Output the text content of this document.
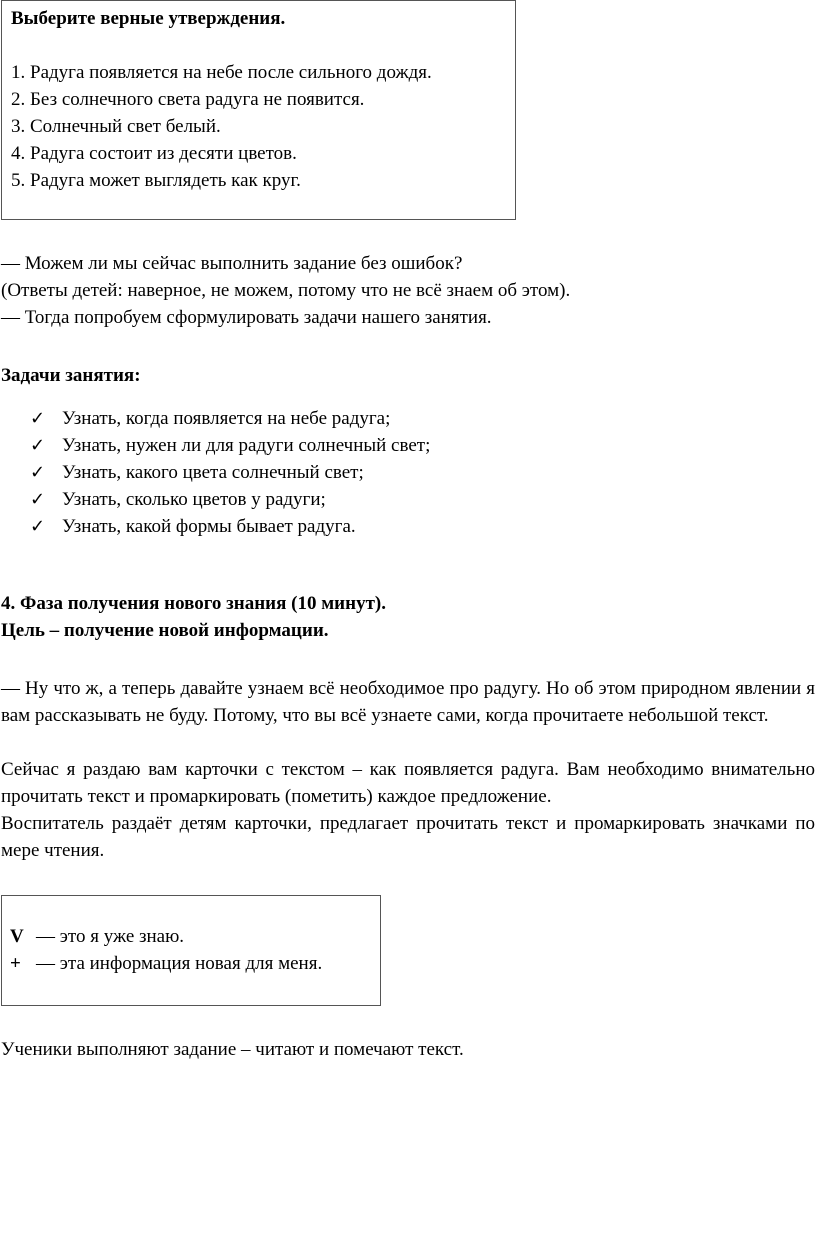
Выберите верные утверждения.
1. Радуга появляется на небе после сильного дождя.
2. Без солнечного света радуга не появится.
3. Солнечный свет белый.
4. Радуга состоит из десяти цветов.
5. Радуга может выглядеть как круг.
— Можем ли мы сейчас выполнить задание без ошибок?
(Ответы детей: наверное, не можем, потому что не всё знаем об этом).
— Тогда попробуем сформулировать задачи нашего занятия.
Задачи занятия:
✓ Узнать, когда появляется на небе радуга;
✓ Узнать, нужен ли для радуги солнечный свет;
✓ Узнать, какого цвета солнечный свет;
✓ Узнать, сколько цветов у радуги;
✓ Узнать, какой формы бывает радуга.
4. Фаза получения нового знания (10 минут).
Цель – получение новой информации.

— Ну что ж, а теперь давайте узнаем всё необходимое про радугу. Но об этом природном явлении я вам рассказывать не буду. Потому, что вы всё узнаете сами, когда прочитаете небольшой текст.

Сейчас я раздаю вам карточки с текстом – как появляется радуга. Вам необходимо внимательно прочитать текст и промаркировать (пометить) каждое предложение.

Воспитатель раздаёт детям карточки, предлагает прочитать текст и промаркировать значками по мере чтения.

V — это я уже знаю.
+ — эта информация новая для меня.
Ученики выполняют задание – читают и помечают текст.
